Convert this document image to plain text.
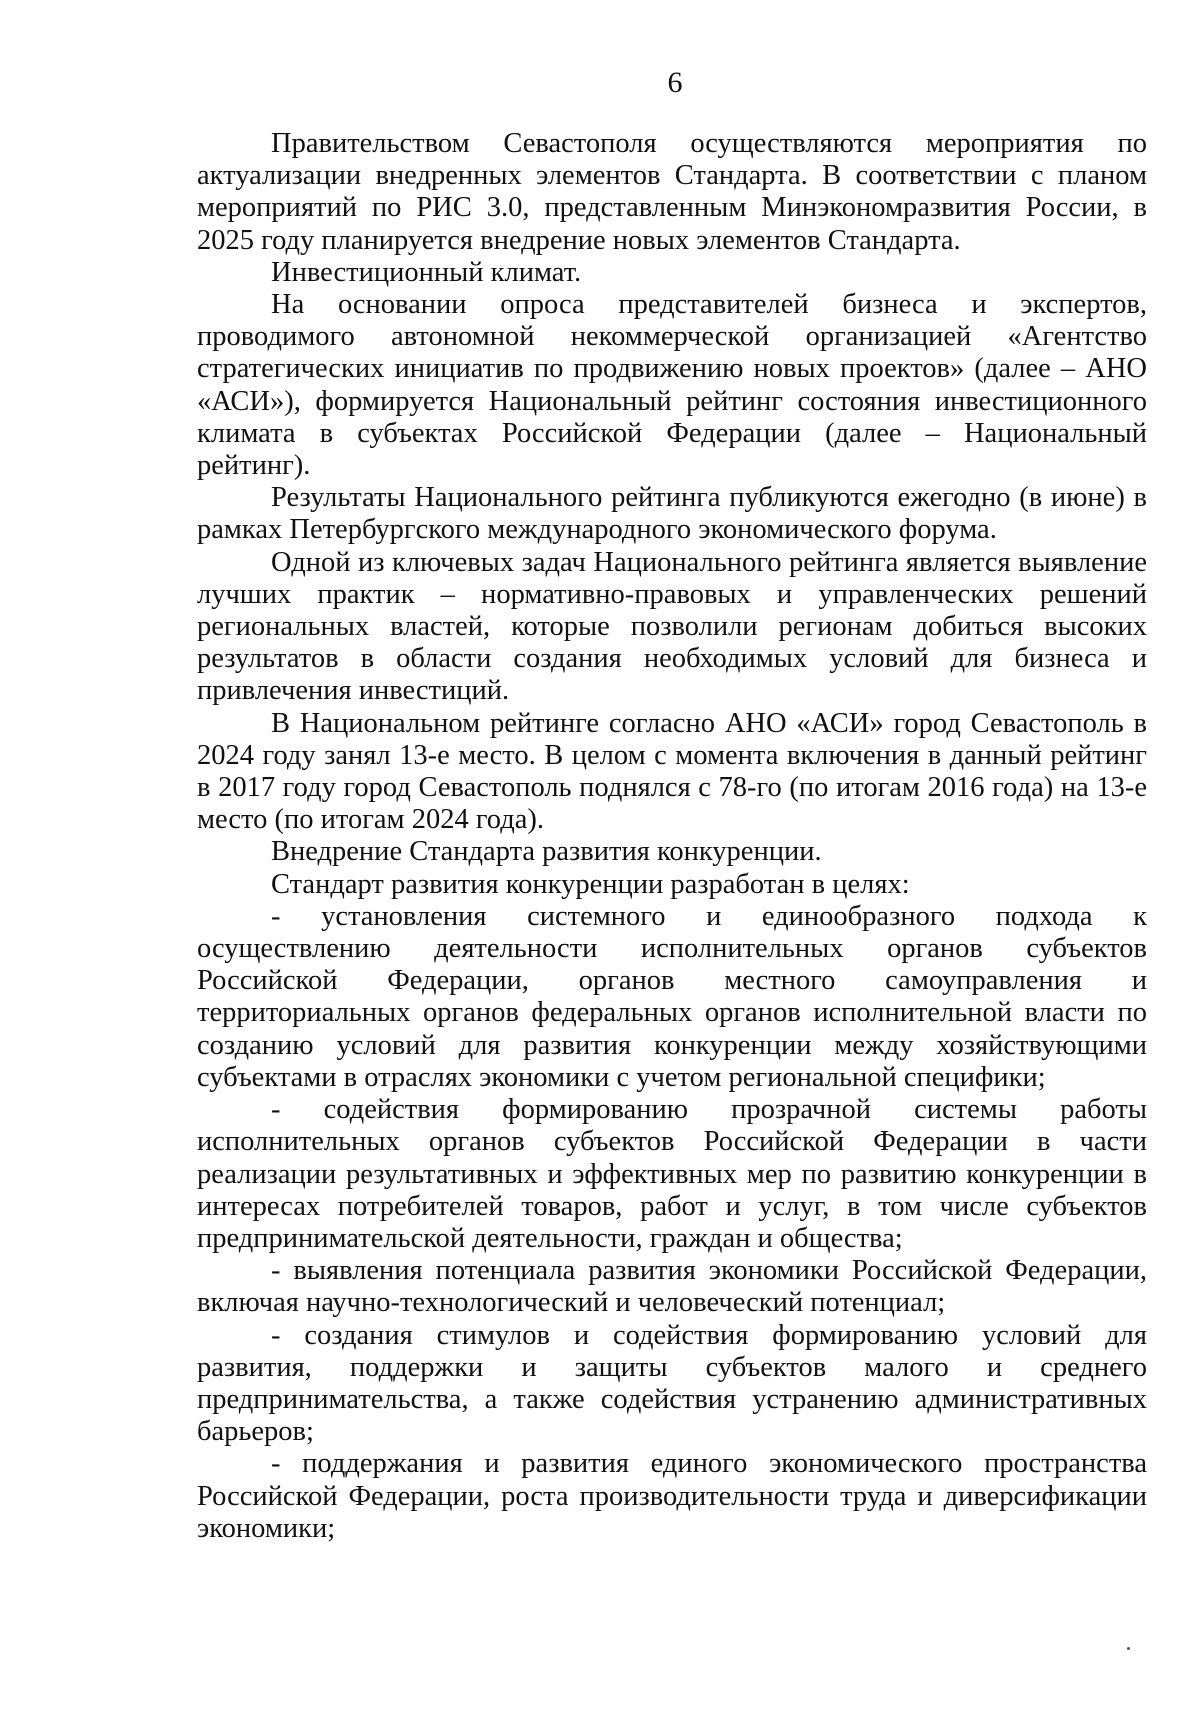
6

Правительством Севастополя осуществляются мероприятия по актуализации внедренных элементов Стандарта. В соответствии с планом мероприятий по РИС 3.0, представленным Минэкономразвития России, в 2025 году планируется внедрение новых элементов Стандарта.

Инвестиционный климат.

На основании опроса представителей бизнеса и экспертов, проводимого автономной некоммерческой организацией «Агентство стратегических инициатив по продвижению новых проектов» (далее – АНО «АСИ»), формируется Национальный рейтинг состояния инвестиционного климата в субъектах Российской Федерации (далее – Национальный рейтинг).

Результаты Национального рейтинга публикуются ежегодно (в июне) в рамках Петербургского международного экономического форума.

Одной из ключевых задач Национального рейтинга является выявление лучших практик – нормативно-правовых и управленческих решений региональных властей, которые позволили регионам добиться высоких результатов в области создания необходимых условий для бизнеса и привлечения инвестиций.

В Национальном рейтинге согласно АНО «АСИ» город Севастополь в 2024 году занял 13-е место. В целом с момента включения в данный рейтинг в 2017 году город Севастополь поднялся с 78-го (по итогам 2016 года) на 13-е место (по итогам 2024 года).

Внедрение Стандарта развития конкуренции.

Стандарт развития конкуренции разработан в целях:

- установления системного и единообразного подхода к осуществлению деятельности исполнительных органов субъектов Российской Федерации, органов местного самоуправления и территориальных органов федеральных органов исполнительной власти по созданию условий для развития конкуренции между хозяйствующими субъектами в отраслях экономики с учетом региональной специфики;

- содействия формированию прозрачной системы работы исполнительных органов субъектов Российской Федерации в части реализации результативных и эффективных мер по развитию конкуренции в интересах потребителей товаров, работ и услуг, в том числе субъектов предпринимательской деятельности, граждан и общества;

- выявления потенциала развития экономики Российской Федерации, включая научно-технологический и человеческий потенциал;

- создания стимулов и содействия формированию условий для развития, поддержки и защиты субъектов малого и среднего предпринимательства, а также содействия устранению административных барьеров;

- поддержания и развития единого экономического пространства Российской Федерации, роста производительности труда и диверсификации экономики;
